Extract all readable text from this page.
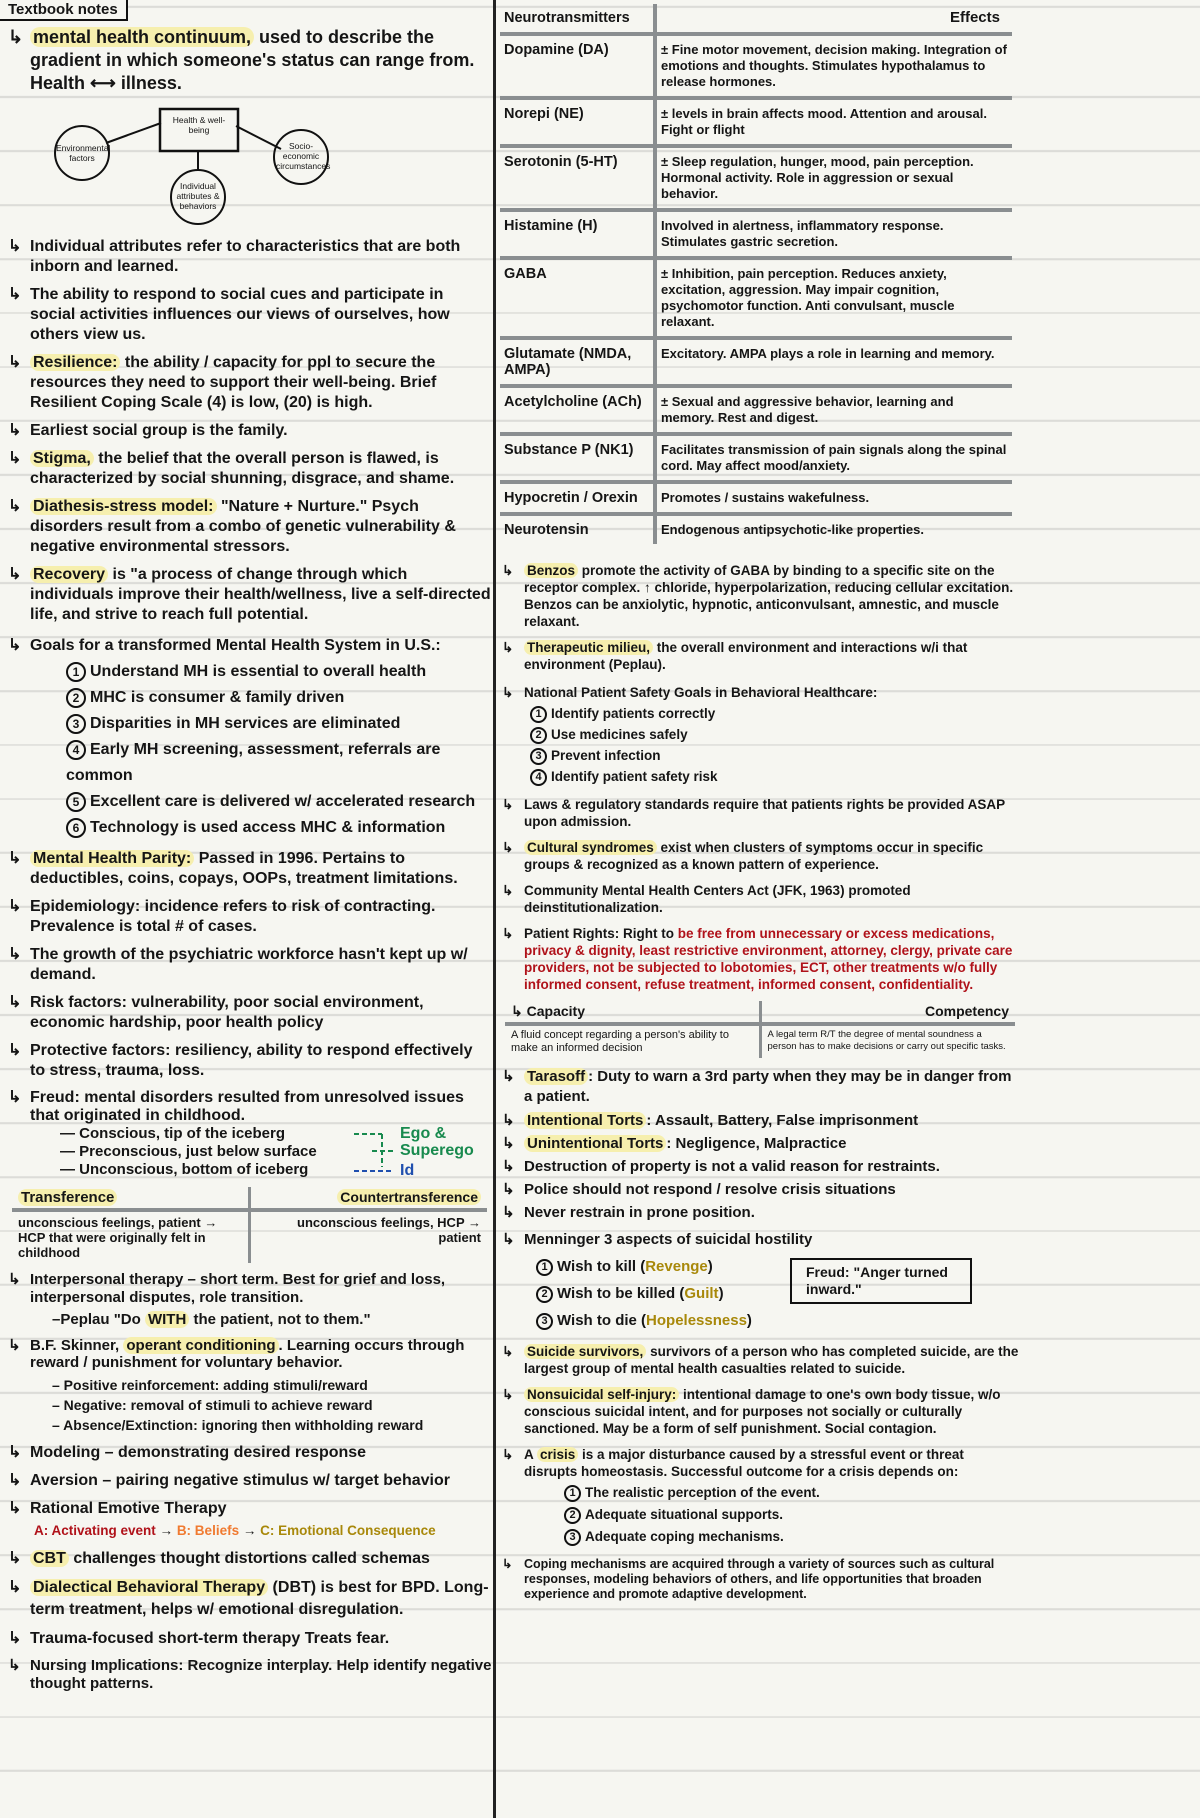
Textbook notes
↳ mental health continuum, used to describe the gradient in which someone's status can range from. Health ⟷ illness.
Health & well-being
Environmental factors
Socio-economic circumstances
Individual attributes & behaviors
↳ Individual attributes refer to characteristics that are both inborn and learned.
↳ The ability to respond to social cues and participate in social activities influences our views of ourselves, how others view us.
↳ Resilience: the ability / capacity for ppl to secure the resources they need to support their well-being. Brief Resilient Coping Scale (4) is low, (20) is high.
↳ Earliest social group is the family.
↳ Stigma, the belief that the overall person is flawed, is characterized by social shunning, disgrace, and shame.
↳ Diathesis-stress model: "Nature + Nurture." Psych disorders result from a combo of genetic vulnerability & negative environmental stressors.
↳ Recovery is "a process of change through which individuals improve their health/wellness, live a self-directed life, and strive to reach full potential.
↳ Goals for a transformed Mental Health System in U.S.:
1 Understand MH is essential to overall health
2 MHC is consumer & family driven
3 Disparities in MH services are eliminated
4 Early MH screening, assessment, referrals are common
5 Excellent care is delivered w/ accelerated research
6 Technology is used access MHC & information
↳ Mental Health Parity: Passed in 1996. Pertains to deductibles, coins, copays, OOPs, treatment limitations.
↳ Epidemiology: incidence refers to risk of contracting. Prevalence is total # of cases.
↳ The growth of the psychiatric workforce hasn't kept up w/ demand.
↳ Risk factors: vulnerability, poor social environment, economic hardship, poor health policy
↳ Protective factors: resiliency, ability to respond effectively to stress, trauma, loss.
↳ Freud: mental disorders resulted from unresolved issues that originated in childhood.
— Conscious, tip of the iceberg
— Preconscious, just below surface
— Unconscious, bottom of iceberg
Ego &
Superego
Id
Transference	Countertransference
unconscious feelings, patient → HCP that were originally felt in childhood	unconscious feelings, HCP → patient
↳ Interpersonal therapy – short term. Best for grief and loss, interpersonal disputes, role transition.
–Peplau "Do WITH the patient, not to them."
↳ B.F. Skinner, operant conditioning . Learning occurs through reward / punishment for voluntary behavior.
– Positive reinforcement: adding stimuli/reward
– Negative: removal of stimuli to achieve reward
– Absence/Extinction: ignoring then withholding reward
↳ Modeling – demonstrating desired response
↳ Aversion – pairing negative stimulus w/ target behavior
↳ Rational Emotive Therapy
A: Activating event → B: Beliefs → C: Emotional Consequence
↳ CBT challenges thought distortions called schemas
↳ Dialectical Behavioral Therapy (DBT) is best for BPD. Long-term treatment, helps w/ emotional disregulation.
↳ Trauma-focused short-term therapy Treats fear.
↳ Nursing Implications: Recognize interplay. Help identify negative thought patterns.
Neurotransmitters	Effects
Dopamine (DA)	± Fine motor movement, decision making. Integration of emotions and thoughts. Stimulates hypothalamus to release hormones.
Norepi (NE)	± levels in brain affects mood. Attention and arousal. Fight or flight
Serotonin (5-HT)	± Sleep regulation, hunger, mood, pain perception. Hormonal activity. Role in aggression or sexual behavior.
Histamine (H)	Involved in alertness, inflammatory response. Stimulates gastric secretion.
GABA	± Inhibition, pain perception. Reduces anxiety, excitation, aggression. May impair cognition, psychomotor function. Anti convulsant, muscle relaxant.
Glutamate (NMDA, AMPA)	Excitatory. AMPA plays a role in learning and memory.
Acetylcholine (ACh)	± Sexual and aggressive behavior, learning and memory. Rest and digest.
Substance P (NK1)	Facilitates transmission of pain signals along the spinal cord. May affect mood/anxiety.
Hypocretin / Orexin	Promotes / sustains wakefulness.
Neurotensin	Endogenous antipsychotic-like properties.
↳ Benzos promote the activity of GABA by binding to a specific site on the receptor complex. ↑ chloride, hyperpolarization, reducing cellular excitation. Benzos can be anxiolytic, hypnotic, anticonvulsant, amnestic, and muscle relaxant.
↳ Therapeutic milieu, the overall environment and interactions w/i that environment (Peplau).
↳ National Patient Safety Goals in Behavioral Healthcare:
1 Identify patients correctly
2 Use medicines safely
3 Prevent infection
4 Identify patient safety risk
↳ Laws & regulatory standards require that patients rights be provided ASAP upon admission.
↳ Cultural syndromes exist when clusters of symptoms occur in specific groups & recognized as a known pattern of experience.
↳ Community Mental Health Centers Act (JFK, 1963) promoted deinstitutionalization.
↳ Patient Rights: Right to be free from unnecessary or excess medications, privacy & dignity, least restrictive environment, attorney, clergy, private care providers, not be subjected to lobotomies, ECT, other treatments w/o fully informed consent, refuse treatment, informed consent, confidentiality.
↳ Capacity	Competency
A fluid concept regarding a person's ability to make an informed decision	A legal term R/T the degree of mental soundness a person has to make decisions or carry out specific tasks.
↳ Tarasoff : Duty to warn a 3rd party when they may be in danger from a patient.
↳ Intentional Torts : Assault, Battery, False imprisonment
↳ Unintentional Torts : Negligence, Malpractice
↳ Destruction of property is not a valid reason for restraints.
↳ Police should not respond / resolve crisis situations
↳ Never restrain in prone position.
↳ Menninger 3 aspects of suicidal hostility
1 Wish to kill (Revenge)
2 Wish to be killed (Guilt)
3 Wish to die (Hopelessness)
Freud: "Anger turned inward."
↳ Suicide survivors, survivors of a person who has completed suicide, are the largest group of mental health casualties related to suicide.
↳ Nonsuicidal self-injury: intentional damage to one's own body tissue, w/o conscious suicidal intent, and for purposes not socially or culturally sanctioned. May be a form of self punishment. Social contagion.
↳ A crisis is a major disturbance caused by a stressful event or threat disrupts homeostasis. Successful outcome for a crisis depends on:
1 The realistic perception of the event.
2 Adequate situational supports.
3 Adequate coping mechanisms.
↳ Coping mechanisms are acquired through a variety of sources such as cultural responses, modeling behaviors of others, and life opportunities that broaden experience and promote adaptive development.
